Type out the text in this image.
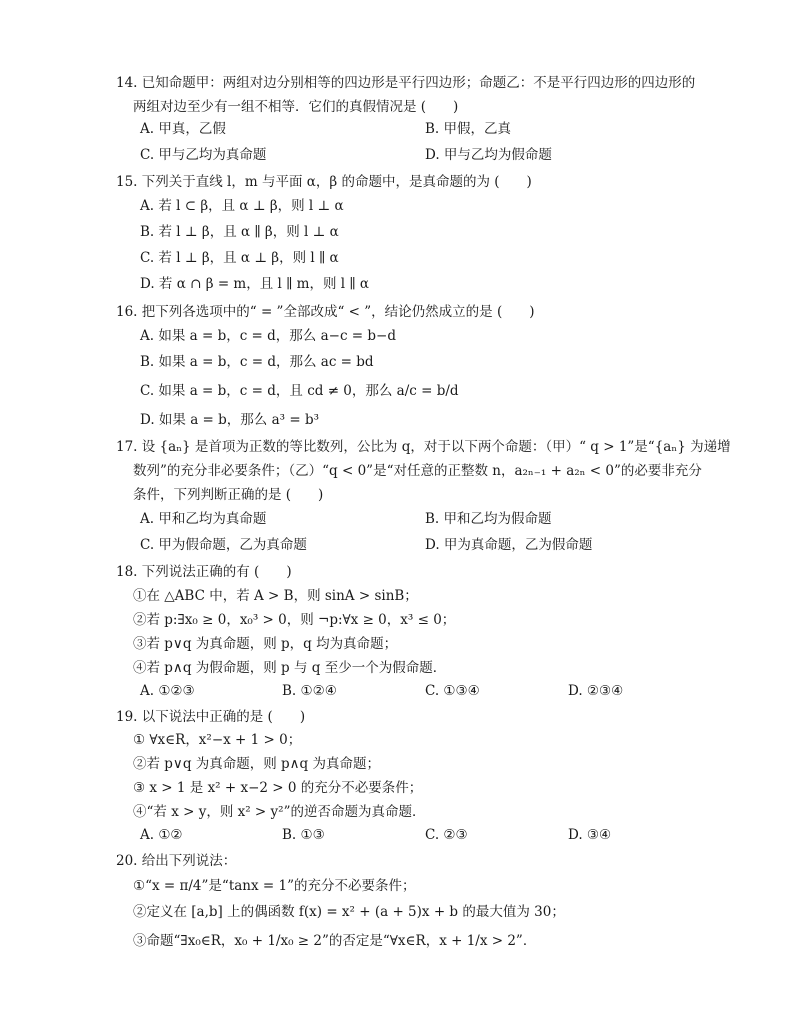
14. 已知命题甲：两组对边分别相等的四边形是平行四边形；命题乙：不是平行四边形的四边形的
两组对边至少有一组不相等．它们的真假情况是 (　　)
A. 甲真，乙假	B. 甲假，乙真
C. 甲与乙均为真命题	D. 甲与乙均为假命题
15. 下列关于直线 l，m 与平面 α，β 的命题中，是真命题的为 (　　)
A. 若 l ⊂ β，且 α ⊥ β，则 l ⊥ α
B. 若 l ⊥ β，且 α ∥ β，则 l ⊥ α
C. 若 l ⊥ β，且 α ⊥ β，则 l ∥ α
D. 若 α ∩ β = m，且 l ∥ m，则 l ∥ α
16. 把下列各选项中的“ = ”全部改成“ < ”，结论仍然成立的是 (　　)
A. 如果 a = b，c = d，那么 a−c = b−d
B. 如果 a = b，c = d，那么 ac = bd
C. 如果 a = b，c = d，且 cd ≠ 0，那么 a/c = b/d
D. 如果 a = b，那么 a³ = b³
17. 设 {aₙ} 是首项为正数的等比数列，公比为 q，对于以下两个命题：（甲）“ q > 1”是“{aₙ} 为递增
数列”的充分非必要条件；（乙）“q < 0”是“对任意的正整数 n，a₂ₙ₋₁ + a₂ₙ < 0”的必要非充分
条件，下列判断正确的是 (　　)
A. 甲和乙均为真命题	B. 甲和乙均为假命题
C. 甲为假命题，乙为真命题	D. 甲为真命题，乙为假命题
18. 下列说法正确的有 (　　)
①在 △ABC 中，若 A > B，则 sinA > sinB；
②若 p:∃x₀ ≥ 0，x₀³ > 0，则 ¬p:∀x ≥ 0，x³ ≤ 0；
③若 p∨q 为真命题，则 p，q 均为真命题；
④若 p∧q 为假命题，则 p 与 q 至少一个为假命题．
A. ①②③	B. ①②④	C. ①③④	D. ②③④
19. 以下说法中正确的是 (　　)
① ∀x∈R，x²−x + 1 > 0；
②若 p∨q 为真命题，则 p∧q 为真命题；
③ x > 1 是 x² + x−2 > 0 的充分不必要条件；
④“若 x > y，则 x² > y²”的逆否命题为真命题．
A. ①②	B. ①③	C. ②③	D. ③④
20. 给出下列说法：
①“x = π/4”是“tanx = 1”的充分不必要条件；
②定义在 [a,b] 上的偶函数 f(x) = x² + (a + 5)x + b 的最大值为 30；
③命题“∃x₀∈R，x₀ + 1/x₀ ≥ 2”的否定是“∀x∈R，x + 1/x > 2”．
